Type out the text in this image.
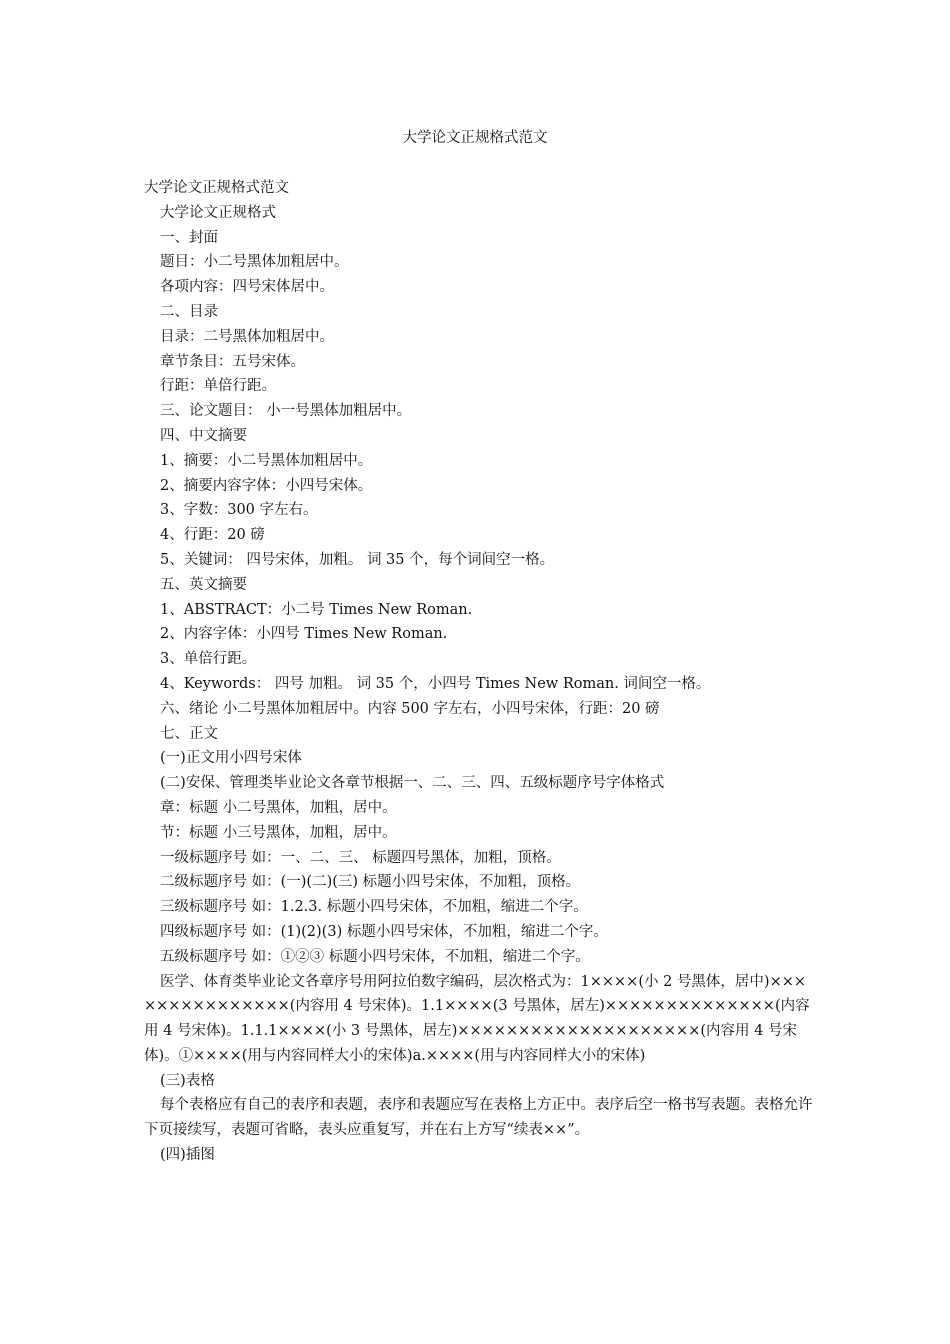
大学论文正规格式范文
大学论文正规格式范文
大学论文正规格式
一、封面
题目：小二号黑体加粗居中。
各项内容：四号宋体居中。
二、目录
目录：二号黑体加粗居中。
章节条目：五号宋体。
行距：单倍行距。
三、论文题目： 小一号黑体加粗居中。
四、中文摘要
1、摘要：小二号黑体加粗居中。
2、摘要内容字体：小四号宋体。
3、字数：300 字左右。
4、行距：20 磅
5、关键词： 四号宋体，加粗。 词 35 个，每个词间空一格。
五、英文摘要
1、ABSTRACT：小二号 Times New Roman.
2、内容字体：小四号 Times New Roman.
3、单倍行距。
4、Keywords： 四号 加粗。 词 35 个，小四号 Times New Roman. 词间空一格。
六、绪论 小二号黑体加粗居中。内容 500 字左右，小四号宋体，行距：20 磅
七、正文
(一)正文用小四号宋体
(二)安保、管理类毕业论文各章节根据一、二、三、四、五级标题序号字体格式
章：标题 小二号黑体，加粗，居中。
节：标题 小三号黑体，加粗，居中。
一级标题序号 如：一、二、三、 标题四号黑体，加粗，顶格。
二级标题序号 如：(一)(二)(三) 标题小四号宋体，不加粗，顶格。
三级标题序号 如：1.2.3. 标题小四号宋体，不加粗，缩进二个字。
四级标题序号 如：(1)(2)(3) 标题小四号宋体，不加粗，缩进二个字。
五级标题序号 如：①②③ 标题小四号宋体，不加粗，缩进二个字。
医学、体育类毕业论文各章序号用阿拉伯数字编码，层次格式为：1××××(小 2 号黑体，居中)×××××××××××××××(内容用 4 号宋体)。1.1××××(3 号黑体，居左)××××××××××××××(内容用 4 号宋体)。1.1.1××××(小 3 号黑体，居左)××××××××××××××××××××(内容用 4 号宋体)。①××××(用与内容同样大小的宋体)a.××××(用与内容同样大小的宋体)
(三)表格
每个表格应有自己的表序和表题，表序和表题应写在表格上方正中。表序后空一格书写表题。表格允许下页接续写，表题可省略，表头应重复写，并在右上方写“续表××”。
(四)插图
